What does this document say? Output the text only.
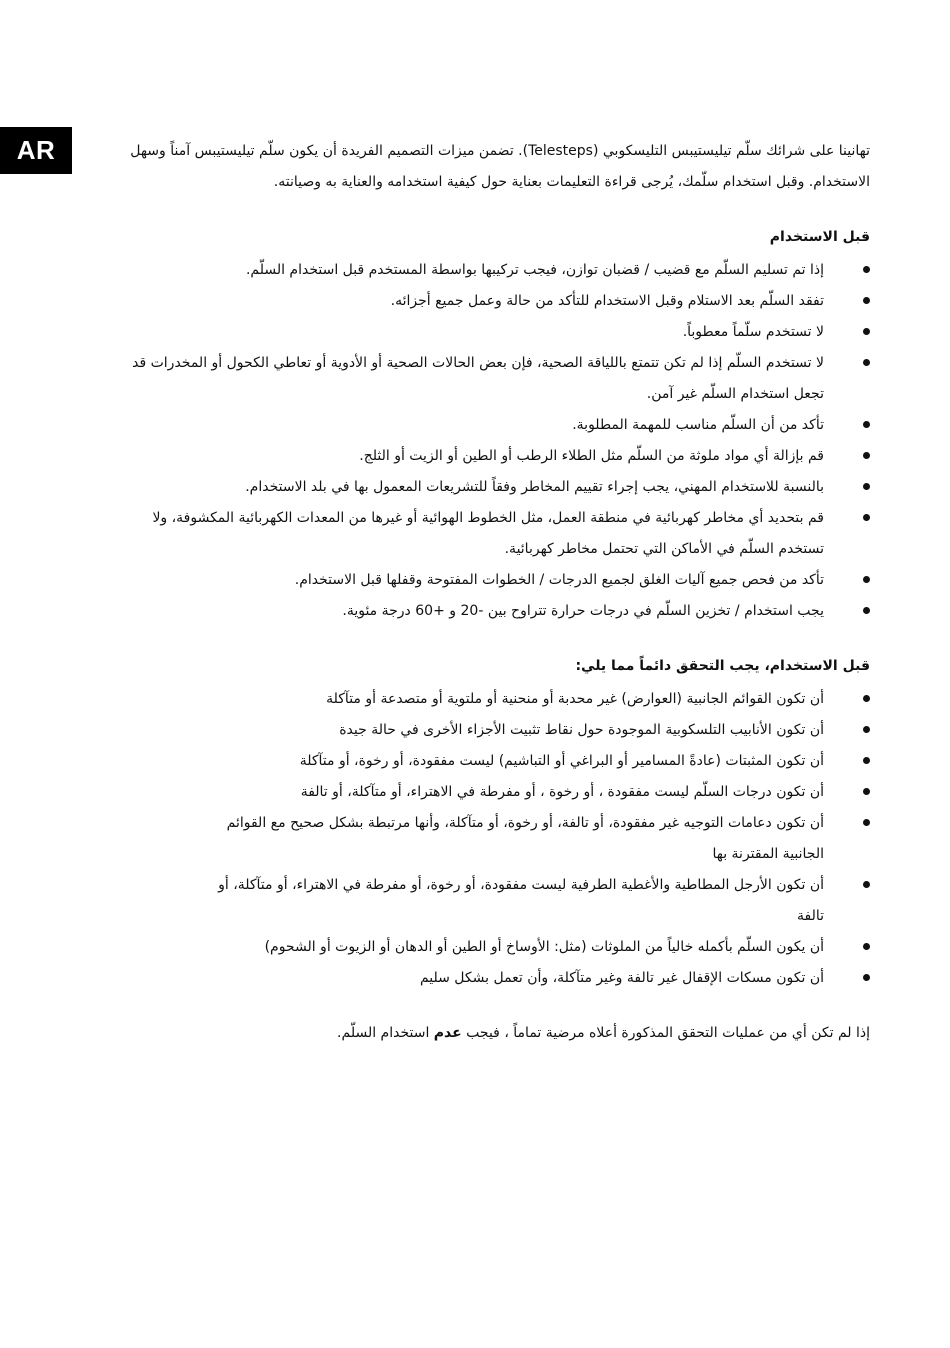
AR	تهانينا على شرائك سلّم تيليستيبس التليسكوبي (Telesteps). تضمن ميزات التصميم الفريدة أن يكون سلّم تيليستيبس آمناً وسهل الاستخدام. وقبل استخدام سلّمك، يُرجى قراءة التعليمات بعناية حول كيفية استخدامه والعناية به وصيانته.

قبل الاستخدام
إذا تم تسليم السلّم مع قضيب / قضبان توازن، فيجب تركيبها بواسطة المستخدم قبل استخدام السلّم.
تفقد السلّم بعد الاستلام وقبل الاستخدام للتأكد من حالة وعمل جميع أجزائه.
لا تستخدم سلّماً معطوباً.
لا تستخدم السلّم إذا لم تكن تتمتع باللياقة الصحية، فإن بعض الحالات الصحية أو الأدوية أو تعاطي الكحول أو المخدرات قد تجعل استخدام السلّم غير آمن.
تأكد من أن السلّم مناسب للمهمة المطلوبة.
قم بإزالة أي مواد ملوثة من السلّم مثل الطلاء الرطب أو الطين أو الزيت أو الثلج.
بالنسبة للاستخدام المهني، يجب إجراء تقييم المخاطر وفقاً للتشريعات المعمول بها في بلد الاستخدام.
قم بتحديد أي مخاطر كهربائية في منطقة العمل، مثل الخطوط الهوائية أو غيرها من المعدات الكهربائية المكشوفة، ولا تستخدم السلّم في الأماكن التي تحتمل مخاطر كهربائية.
تأكد من فحص جميع آليات الغلق لجميع الدرجات / الخطوات المفتوحة وقفلها قبل الاستخدام.
يجب استخدام / تخزين السلّم في درجات حرارة تتراوح بين -20 و +60 درجة مئوية.
قبل الاستخدام، يجب التحقق دائماً مما يلي:
أن تكون القوائم الجانبية (العوارض) غير محدبة أو منحنية أو ملتوية أو متصدعة أو متآكلة
أن تكون الأنابيب التلسكوبية الموجودة حول نقاط تثبيت الأجزاء الأخرى في حالة جيدة
أن تكون المثبتات (عادةً المسامير أو البراغي أو التباشيم) ليست مفقودة، أو رخوة، أو متآكلة
أن تكون درجات السلّم ليست مفقودة ، أو رخوة ، أو مفرطة في الاهتراء، أو متآكلة، أو تالفة
أن تكون دعامات التوجيه غير مفقودة، أو تالفة، أو رخوة، أو متآكلة، وأنها مرتبطة بشكل صحيح مع القوائم الجانبية المقترنة بها
أن تكون الأرجل المطاطية والأغطية الطرفية ليست مفقودة، أو رخوة، أو مفرطة في الاهتراء، أو متآكلة، أو تالفة
أن يكون السلّم بأكمله خالياً من الملوثات (مثل: الأوساخ أو الطين أو الدهان أو الزيوت أو الشحوم)
أن تكون مسكات الإقفال غير تالفة وغير متآكلة، وأن تعمل بشكل سليم

إذا لم تكن أي من عمليات التحقق المذكورة أعلاه مرضية تماماً ، فيجب عدم استخدام السلّم.
